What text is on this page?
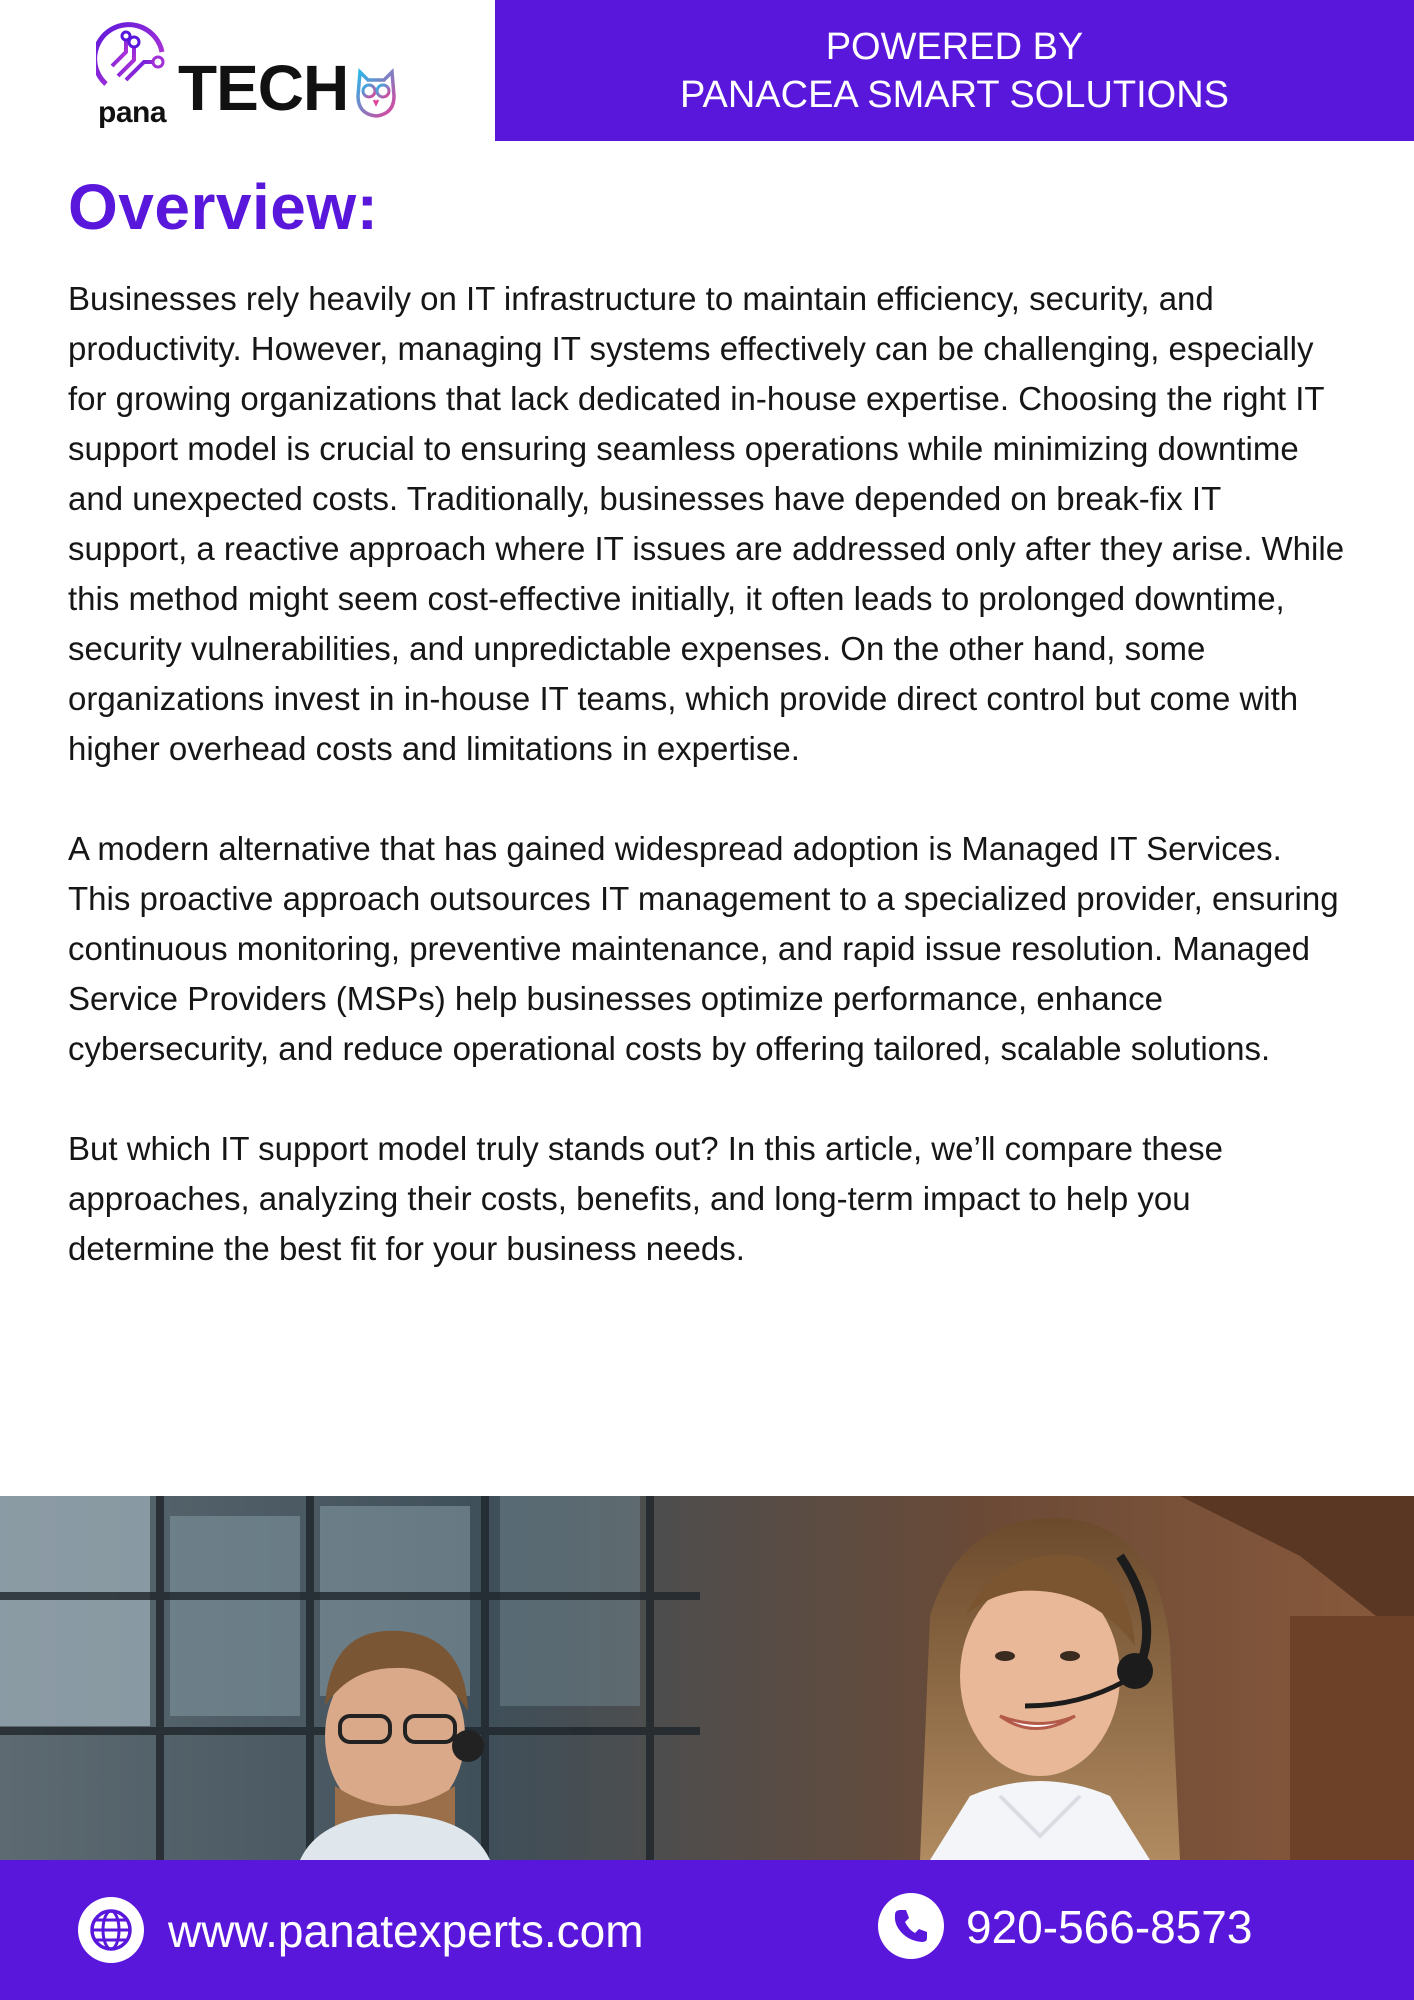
pana TECH
POWERED BY
PANACEA SMART SOLUTIONS
Overview:

Businesses rely heavily on IT infrastructure to maintain efficiency, security, and productivity. However, managing IT systems effectively can be challenging, especially for growing organizations that lack dedicated in-house expertise. Choosing the right IT support model is crucial to ensuring seamless operations while minimizing downtime and unexpected costs. Traditionally, businesses have depended on break-fix IT support, a reactive approach where IT issues are addressed only after they arise. While this method might seem cost-effective initially, it often leads to prolonged downtime, security vulnerabilities, and unpredictable expenses. On the other hand, some organizations invest in in-house IT teams, which provide direct control but come with higher overhead costs and limitations in expertise.

A modern alternative that has gained widespread adoption is Managed IT Services. This proactive approach outsources IT management to a specialized provider, ensuring continuous monitoring, preventive maintenance, and rapid issue resolution. Managed Service Providers (MSPs) help businesses optimize performance, enhance cybersecurity, and reduce operational costs by offering tailored, scalable solutions.

But which IT support model truly stands out? In this article, we’ll compare these approaches, analyzing their costs, benefits, and long-term impact to help you determine the best fit for your business needs.

www.panatexperts.com	920-566-8573
